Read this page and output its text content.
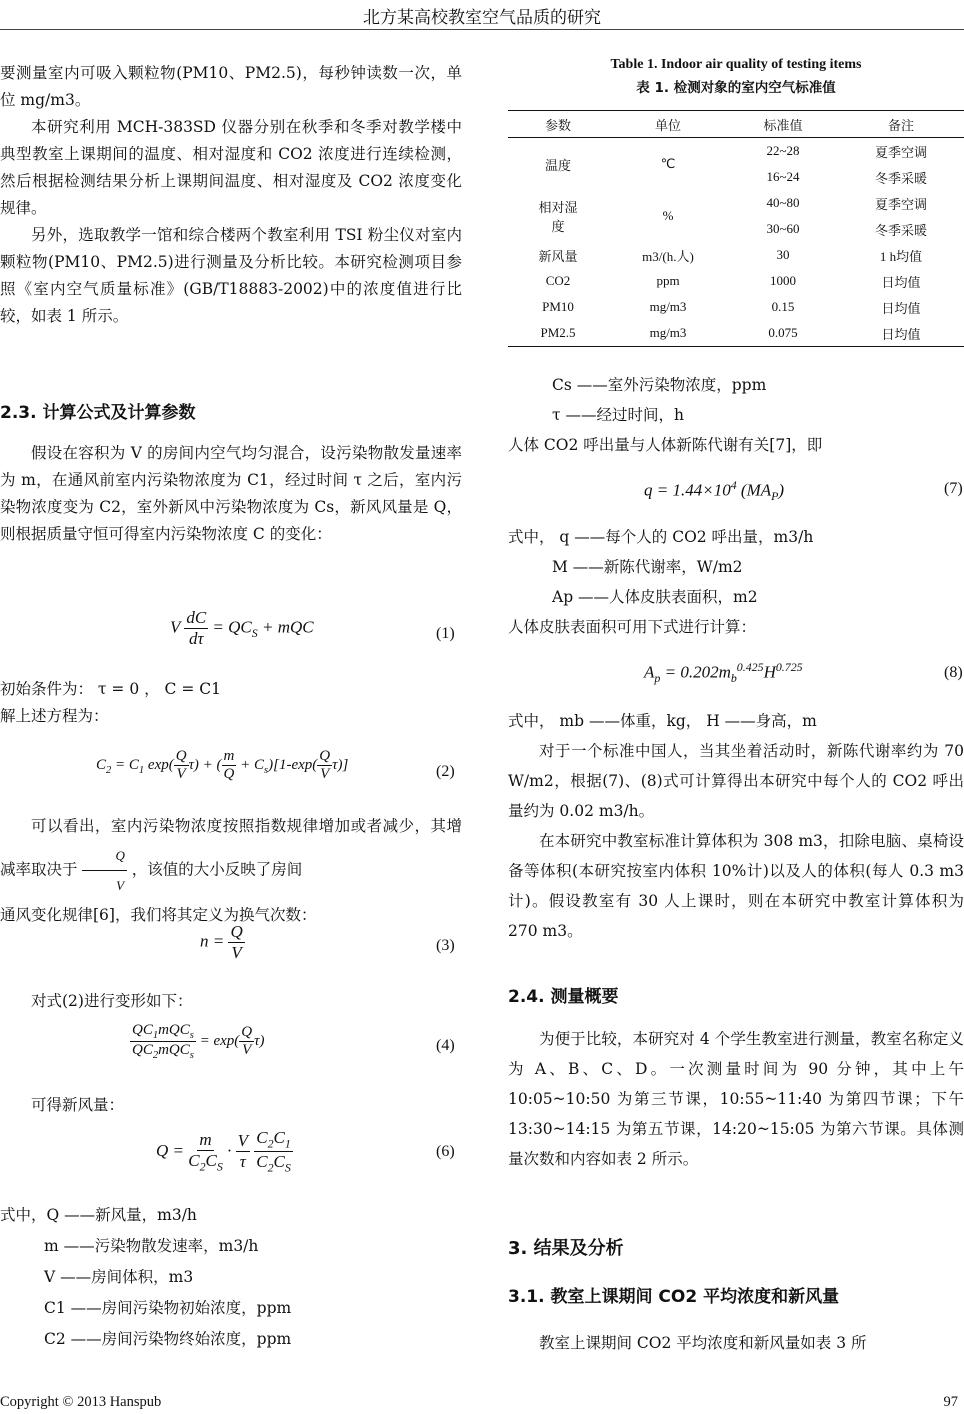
北方某高校教室空气品质的研究

要测量室内可吸入颗粒物(PM10、PM2.5)，每秒钟读数一次，单位 mg/m3。

本研究利用 MCH-383SD 仪器分别在秋季和冬季对教学楼中典型教室上课期间的温度、相对湿度和 CO2 浓度进行连续检测，然后根据检测结果分析上课期间温度、相对湿度及 CO2 浓度变化规律。

另外，选取教学一馆和综合楼两个教室利用 TSI 粉尘仪对室内颗粒物(PM10、PM2.5)进行测量及分析比较。本研究检测项目参照《室内空气质量标准》(GB/T18883-2002)中的浓度值进行比较，如表 1 所示。

2.3. 计算公式及计算参数

假设在容积为 V 的房间内空气均匀混合，设污染物散发量速率为 m，在通风前室内污染物浓度为 C1，经过时间 τ 之后，室内污染物浓度变为 C2，室外新风中污染物浓度为 Cs，新风风量是 Q，则根据质量守恒可得室内污染物浓度 C 的变化：

V $\frac{dC}{d\tau} = QC_S$ + mQC	(1)

初始条件为： τ = 0 ， C = C1

解上述方程为：

$C_2 = C_1$ $\exp( \frac{Q}{V} \tau)$ + ( $\frac{m}{Q} + C_s)[1-\exp( \frac{Q}{V} \tau)]$	(2)

可以看出，室内污染物浓度按照指数规律增加或者减少，其增减率取决于 $\frac{Q}{V}$ ，该值的大小反映了房间

通风变化规律[6]，我们将其定义为换气次数：

$n = \frac{Q}{V}$	(3)

对式(2)进行变形如下：

$\frac{QC_1mQC_s}{QC_2mQC_s} = \exp( \frac{Q}{V} \tau)$	(4)

可得新风量：

$Q = \frac{m}{C_2C_S} \cdot \frac{V}{\tau}$
$\frac{C_2C_1}{C_2C_S}$	(6)

式中，Q ——新风量，m3/h

m ——污染物散发速率，m3/h

V ——房间体积，m3

C1 ——房间污染物初始浓度，ppm

C2 ——房间污染物终始浓度，ppm

Table 1. Indoor air quality of testing items
表 1. 检测对象的室内空气标准值
参数	单位	标准值	备注
温度	℃	22~28	夏季空调
		16~24	冬季采暖
相对湿度	%	40~80	夏季空调
		30~60	冬季采暖
新风量	m3/(h.人)	30	1 h均值
CO2	ppm	1000	日均值
PM10	mg/m3	0.15	日均值
PM2.5	mg/m3	0.075	日均值

Cs ——室外污染物浓度，ppm

τ ——经过时间，h

人体 CO2 呼出量与人体新陈代谢有关[7]，即

$q = 1.44\times 10^4$ $(MA_P)$	(7)

式中， q ——每个人的 CO2 呼出量，m3/h

M ——新陈代谢率，W/m2

Ap ——人体皮肤表面积，m2

人体皮肤表面积可用下式进行计算：

$A_p = 0.202m_b^{0.425}H^{0.725}$	(8)

式中， mb ——体重，kg， H ——身高，m

对于一个标准中国人，当其坐着活动时，新陈代谢率约为 70 W/m2，根据(7)、(8)式可计算得出本研究中每个人的 CO2 呼出量约为 0.02 m3/h。

在本研究中教室标准计算体积为 308 m3，扣除电脑、桌椅设备等体积(本研究按室内体积 10%计)以及人的体积(每人 0.3 m3 计)。假设教室有 30 人上课时，则在本研究中教室计算体积为 270 m3。

2.4. 测量概要

为便于比较，本研究对 4 个学生教室进行测量，教室名称定义为 A、B、C、D。一次测量时间为 90 分钟，其中上午 10:05~10:50 为第三节课，10:55~11:40 为第四节课；下午 13:30~14:15 为第五节课，14:20~15:05 为第六节课。具体测量次数和内容如表 2 所示。

3. 结果及分析
3.1. 教室上课期间 CO2 平均浓度和新风量

教室上课期间 CO2 平均浓度和新风量如表 3 所

Copyright © 2013 Hanspub	97
